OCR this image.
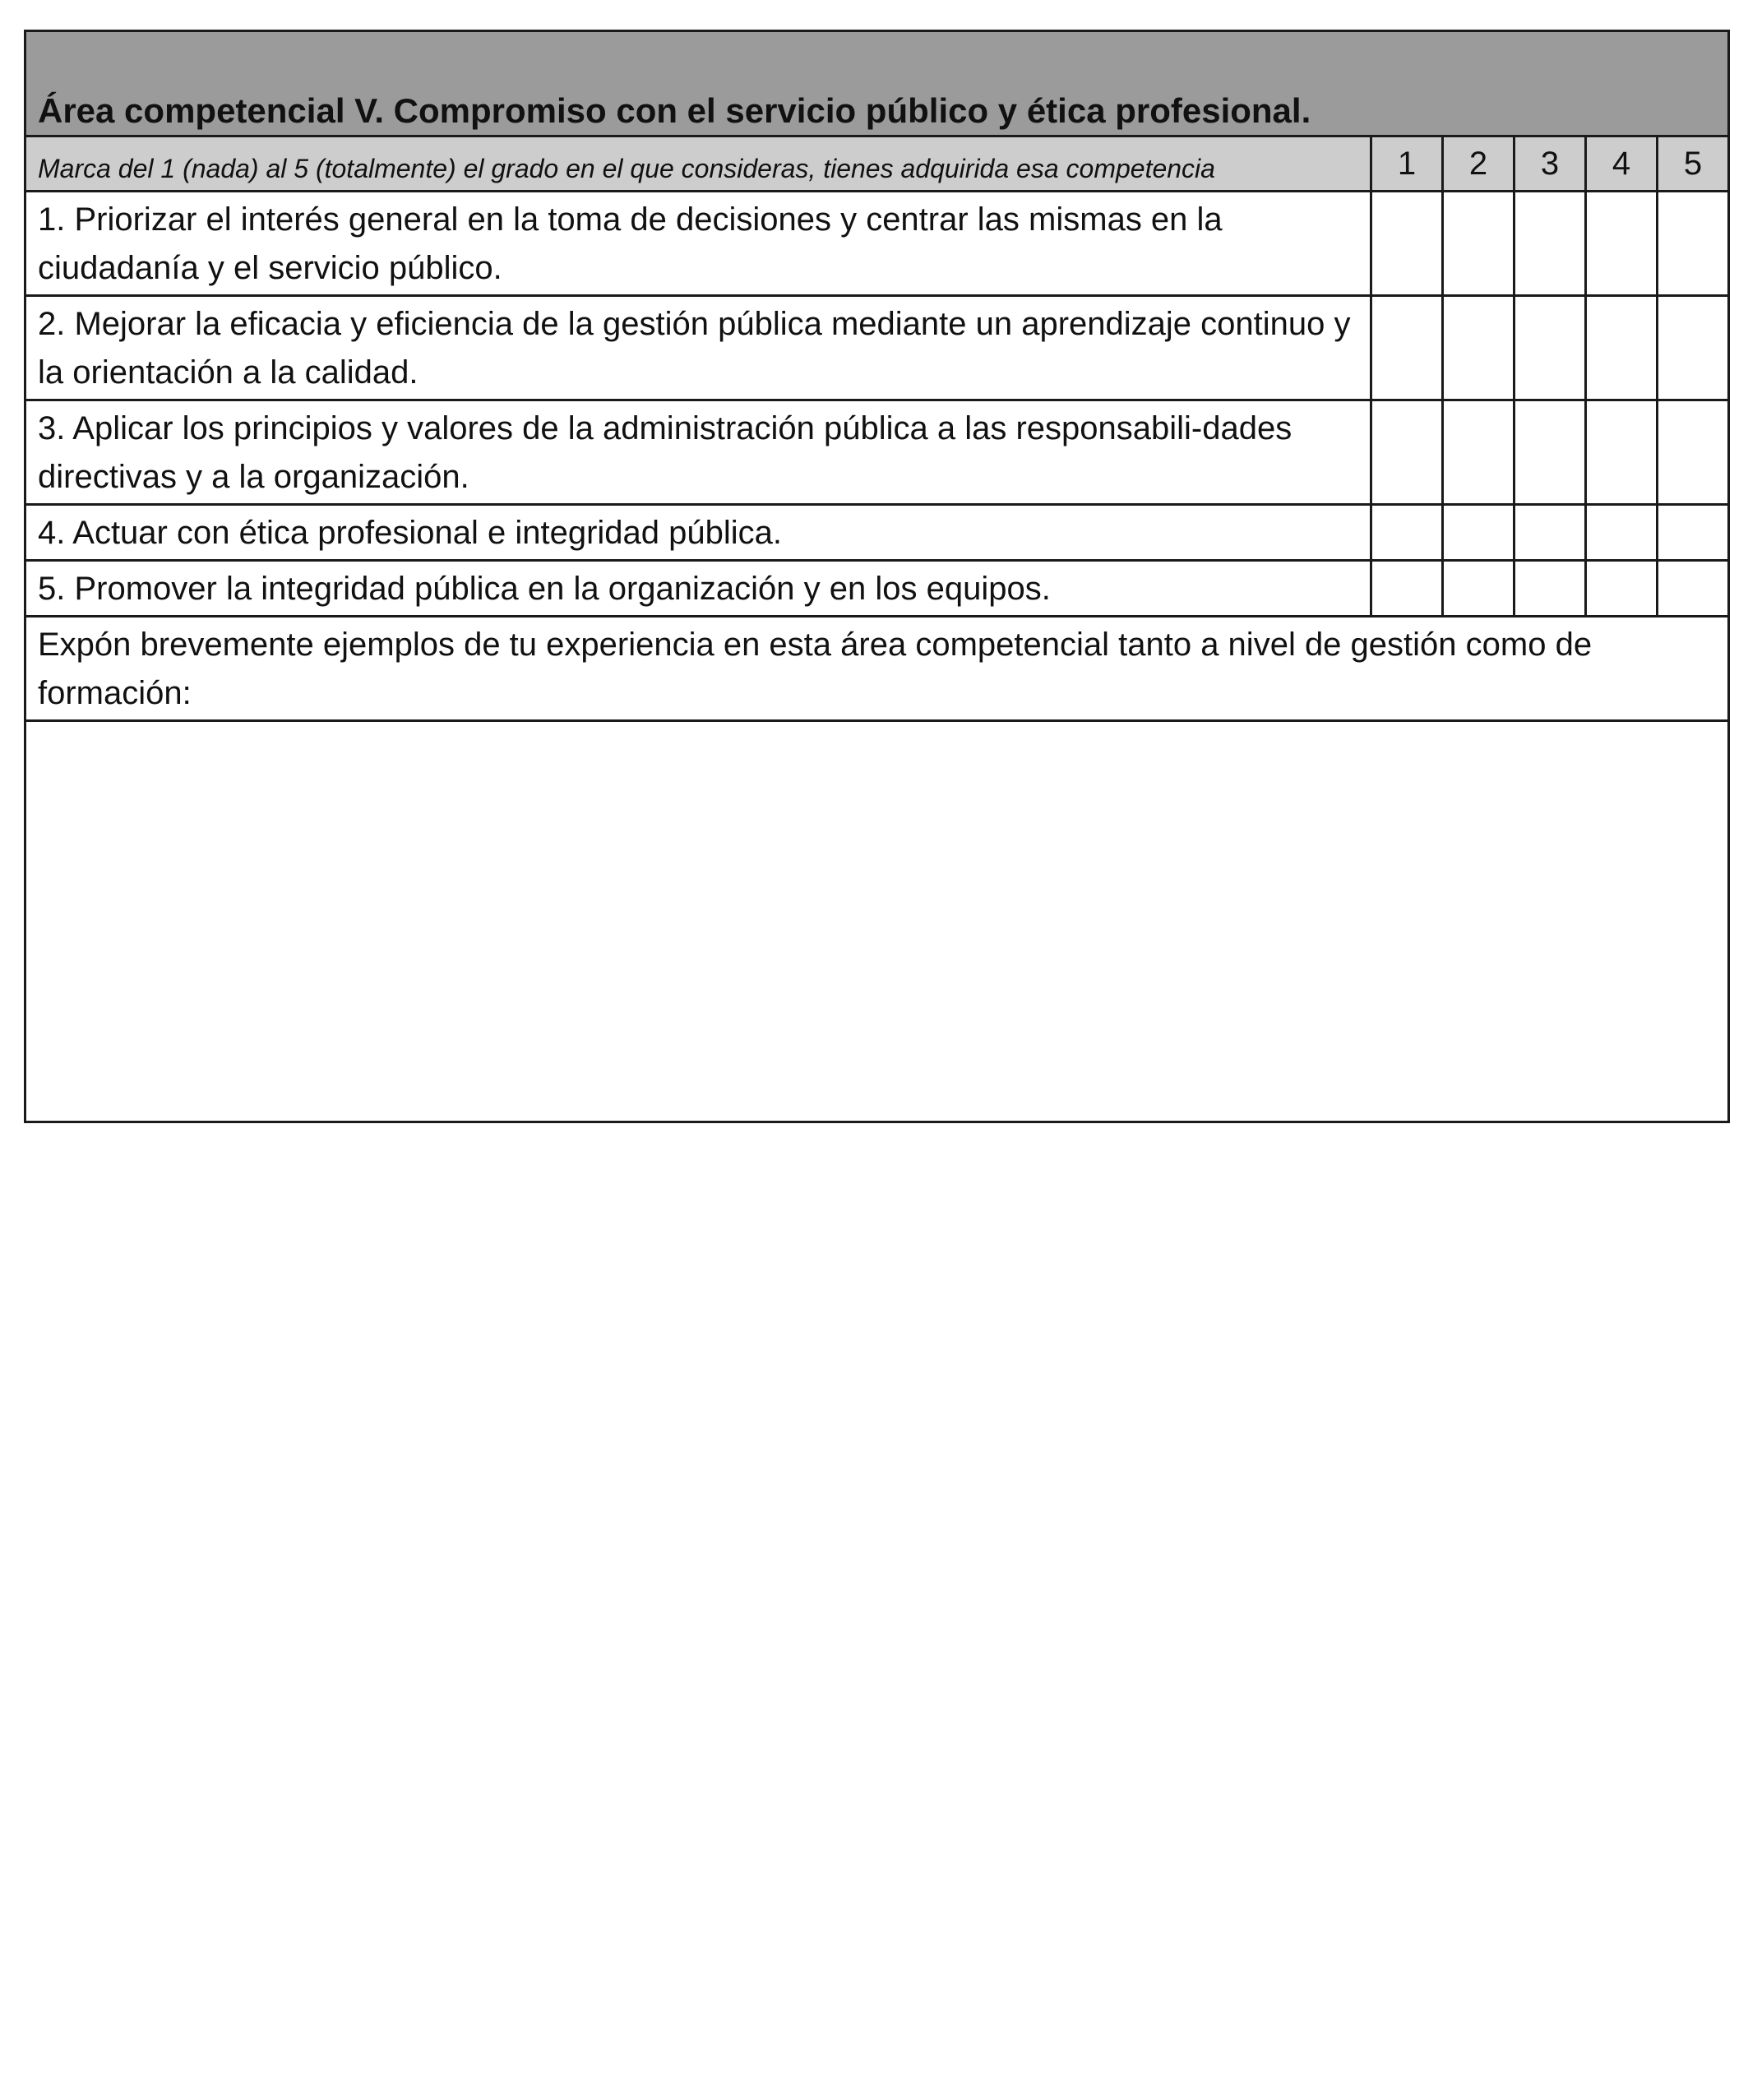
Área competencial V. Compromiso con el servicio público y ética profesional.					

Marca del 1 (nada) al 5 (totalmente) el grado en el que consideras, tienes adquirida esa competencia	1	2	3	4	5

1. Priorizar el interés general en la toma de decisiones y centrar las mismas en la ciudadanía y el servicio público.					

2. Mejorar la eficacia y eficiencia de la gestión pública mediante un aprendizaje continuo y la orientación a la calidad.					

3. Aplicar los principios y valores de la administración pública a las responsabili-dades directivas y a la organización.					

4. Actuar con ética profesional e integridad pública.					

5. Promover la integridad pública en la organización y en los equipos.					

Expón brevemente ejemplos de tu experiencia en esta área competencial tanto a nivel de gestión como de formación:					
